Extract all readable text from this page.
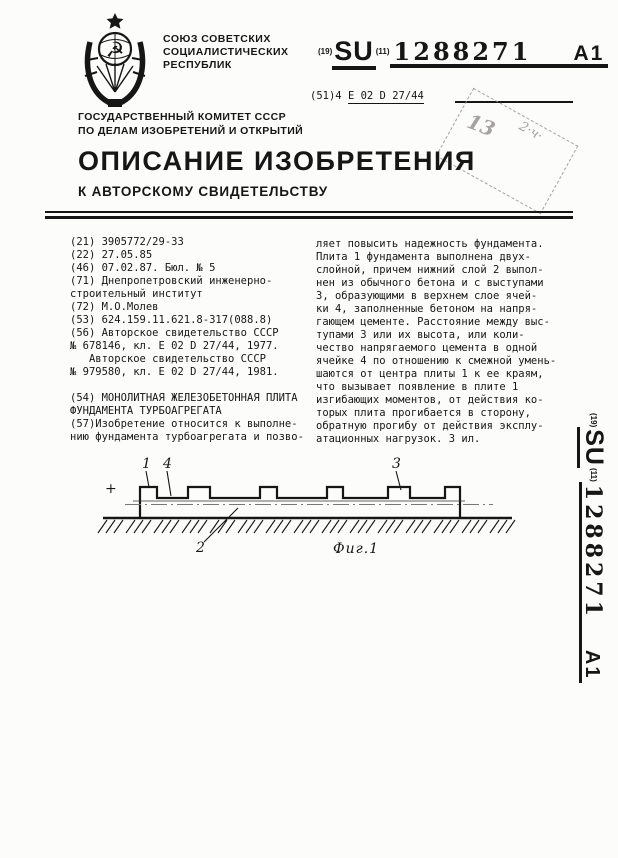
☭	СОЮЗ СОВЕТСКИХ
СОЦИАЛИСТИЧЕСКИХ
РЕСПУБЛИК
$^{(19)}$SU $^{(11)}$ 1288271 A1
(51)4 Е 02 D 27/44
2·ч·
13
ГОСУДАРСТВЕННЫЙ КОМИТЕТ СССР
ПО ДЕЛАМ ИЗОБРЕТЕНИЙ И ОТКРЫТИЙ
ОПИСАНИЕ ИЗОБРЕТЕНИЯ
К АВТОРСКОМУ СВИДЕТЕЛЬСТВУ
(21) 3905772/29-33
(22) 27.05.85
(46) 07.02.87. Бюл. № 5
(71) Днепропетровский инженерно-
строительный институт
(72) М.О.Молев
(53) 624.159.11.621.8-317(088.8)
(56) Авторское свидетельство СССР
№ 678146, кл. Е 02 D 27/44, 1977.
Авторское свидетельство СССР
№ 979580, кл. Е 02 D 27/44, 1981.

(54) МОНОЛИТНАЯ ЖЕЛЕЗОБЕТОННАЯ ПЛИТА
ФУНДАМЕНТА ТУРБОАГРЕГАТА
(57)Изобретение относится к выполне-
нию фундамента турбоагрегата и позво-
ляет повысить надежность фундамента.
Плита 1 фундамента выполнена двух-
слойной, причем нижний слой 2 выпол-
нен из обычного бетона и с выступами
3, образующими в верхнем слое ячей-
ки 4, заполненные бетоном на напря-
гающем цементе. Расстояние между выс-
тупами 3 или их высота, или коли-
чество напрягаемого цемента в одной
ячейке 4 по отношению к смежной умень-
шаются от центра плиты 1 к ее краям,
что вызывает появление в плите 1
изгибающих моментов, от действия ко-
торых плита прогибается в сторону,
обратную прогибу от действия эксплу-
атационных нагрузок. 3 ил.
1 4	3
2
+
Фиг.1
$^{(19)}$SU$^{(11)}$1288271A1
